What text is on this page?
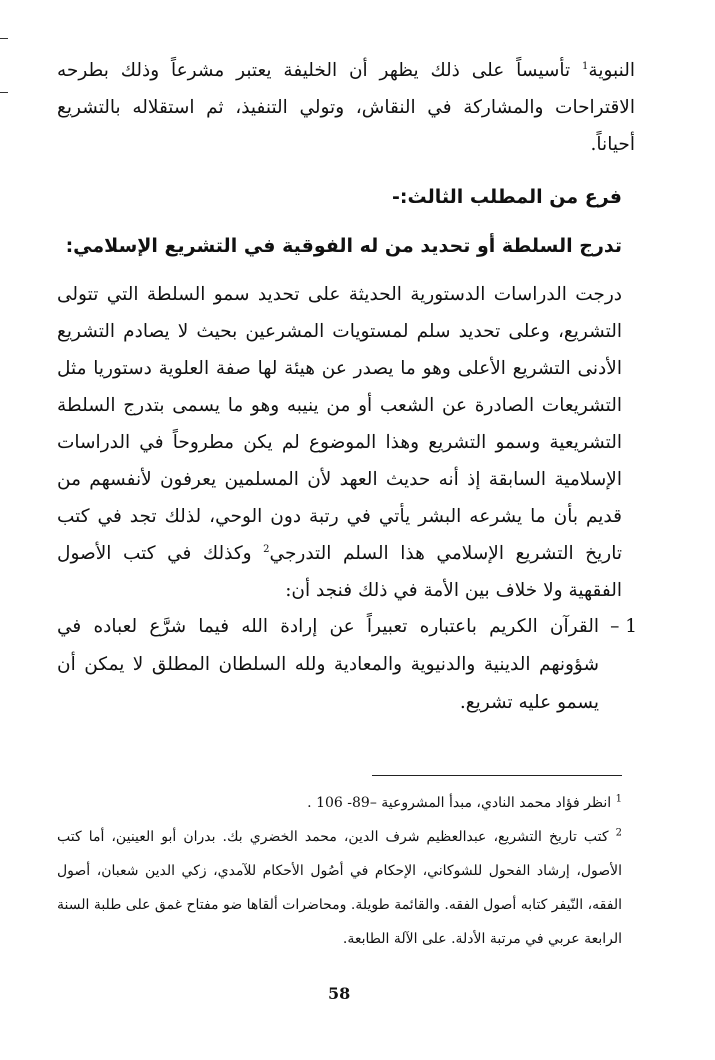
النبوية$^1$ تأسيساً على ذلك يظهر أن الخليفة يعتبر مشرعاً وذلك بطرحه الاقتراحات والمشاركة في النقاش، وتولي التنفيذ، ثم استقلاله بالتشريع أحياناً.
فرع من المطلب الثالث:-
تدرج السلطة أو تحديد من له الفوقية في التشريع الإسلامي:
درجت الدراسات الدستورية الحديثة على تحديد سمو السلطة التي تتولى التشريع، وعلى تحديد سلم لمستويات المشرعين بحيث لا يصادم التشريع الأدنى التشريع الأعلى وهو ما يصدر عن هيئة لها صفة العلوية دستوريا مثل التشريعات الصادرة عن الشعب أو من ينيبه وهو ما يسمى بتدرج السلطة التشريعية وسمو التشريع وهذا الموضوع لم يكن مطروحاً في الدراسات الإسلامية السابقة إذ أنه حديث العهد لأن المسلمين يعرفون لأنفسهم من قديم بأن ما يشرعه البشر يأتي في رتبة دون الوحي، لذلك تجد في كتب تاريخ التشريع الإسلامي هذا السلم التدرجي$^2$ وكذلك في كتب الأصول الفقهية ولا خلاف بين الأمة في ذلك فنجد أن:
1 –
القرآن الكريم باعتباره تعبيراً عن إرادة الله فيما شرَّع لعباده في شؤونهم الدينية والدنيوية والمعادية ولله السلطان المطلق لا يمكن أن يسمو عليه تشريع.
$^1$ انظر فؤاد محمد النادي، مبدأ المشروعية –89- 106 .
$^2$ كتب تاريخ التشريع، عبدالعظيم شرف الدين، محمد الخضري بك. بدران أبو العينين، أما كتب الأصول، إرشاد الفحول للشوكاني، الإحكام في أصُول الأحكام للآمدي، زكي الدين شعبان، أصول الفقه، النّيفر كتابه أصول الفقه. والقائمة طويلة. ومحاضرات ألقاها ضو مفتاح غمق على طلبة السنة الرابعة عربي في مرتبة الأدلة. على الآلة الطابعة.
58
